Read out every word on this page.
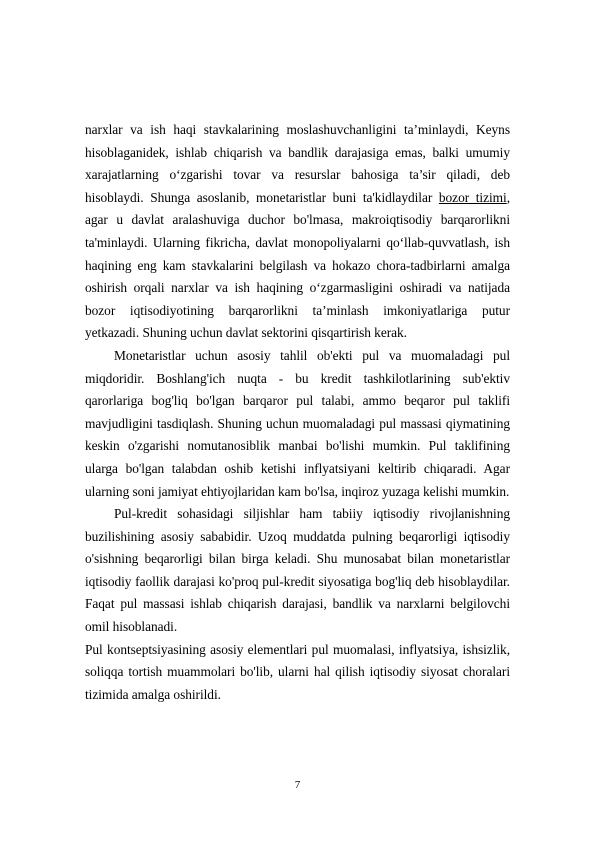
narxlar va ish haqi stavkalarining moslashuvchanligini ta’minlaydi, Keyns hisoblaganidek, ishlab chiqarish va bandlik darajasiga emas, balki umumiy xarajatlarning o‘zgarishi tovar va resurslar bahosiga ta’sir qiladi, deb hisoblaydi. Shunga asoslanib, monetaristlar buni ta'kidlaydilar bozor tizimi, agar u davlat aralashuviga duchor bo'lmasa, makroiqtisodiy barqarorlikni ta'minlaydi. Ularning fikricha, davlat monopoliyalarni qo‘llab-quvvatlash, ish haqining eng kam stavkalarini belgilash va hokazo chora-tadbirlarni amalga oshirish orqali narxlar va ish haqining o‘zgarmasligini oshiradi va natijada bozor iqtisodiyotining barqarorlikni ta’minlash imkoniyatlariga putur yetkazadi. Shuning uchun davlat sektorini qisqartirish kerak.

Monetaristlar uchun asosiy tahlil ob'ekti pul va muomaladagi pul miqdoridir. Boshlang'ich nuqta - bu kredit tashkilotlarining sub'ektiv qarorlariga bog'liq bo'lgan barqaror pul talabi, ammo beqaror pul taklifi mavjudligini tasdiqlash. Shuning uchun muomaladagi pul massasi qiymatining keskin o'zgarishi nomutanosiblik manbai bo'lishi mumkin. Pul taklifining ularga bo'lgan talabdan oshib ketishi inflyatsiyani keltirib chiqaradi. Agar ularning soni jamiyat ehtiyojlaridan kam bo'lsa, inqiroz yuzaga kelishi mumkin.

Pul-kredit sohasidagi siljishlar ham tabiiy iqtisodiy rivojlanishning buzilishining asosiy sababidir. Uzoq muddatda pulning beqarorligi iqtisodiy o'sishning beqarorligi bilan birga keladi. Shu munosabat bilan monetaristlar iqtisodiy faollik darajasi ko'proq pul-kredit siyosatiga bog'liq deb hisoblaydilar. Faqat pul massasi ishlab chiqarish darajasi, bandlik va narxlarni belgilovchi omil hisoblanadi.

Pul kontseptsiyasining asosiy elementlari pul muomalasi, inflyatsiya, ishsizlik, soliqqa tortish muammolari bo'lib, ularni hal qilish iqtisodiy siyosat choralari tizimida amalga oshirildi.

7
